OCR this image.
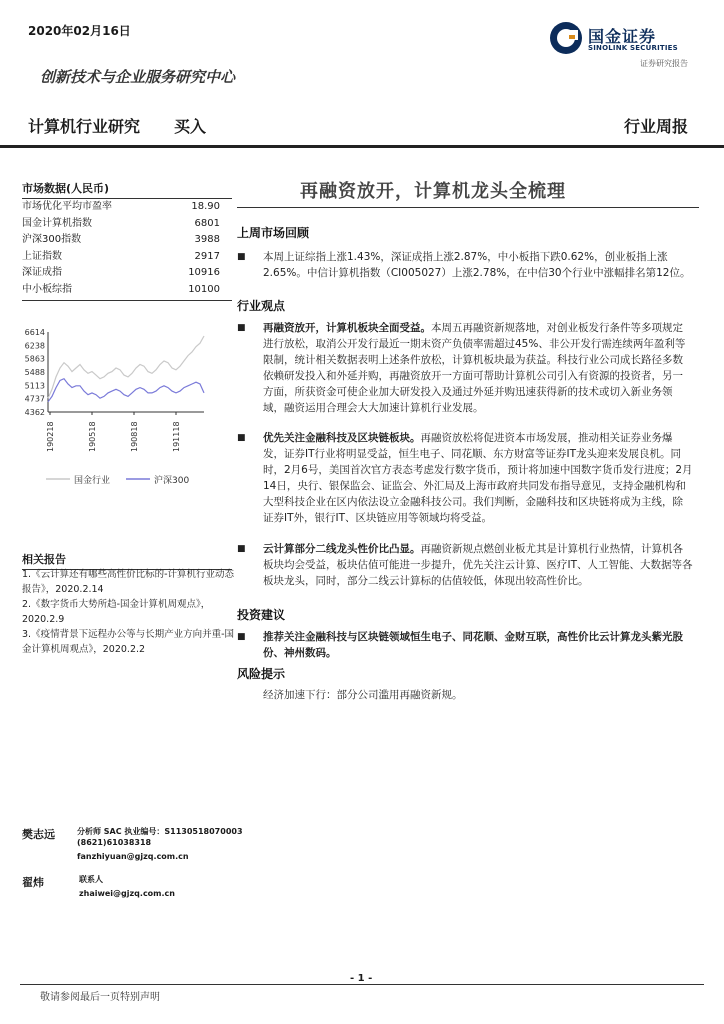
2020年02月16日	国金证券
SINOLINK SECURITIES
证券研究报告
创新技术与企业服务研究中心
计算机行业研究 买入	行业周报
市场数据(人民币)
市场优化平均市盈率	18.90
国金计算机指数	6801
沪深300指数	3988
上证指数	2917
深证成指	10916
中小板综指	10100
6614
6238
5863
5488
5113
4737
4362
190218	190518	190818	191118
国金行业	沪深300
相关报告

1.《云计算还有哪些高性价比标的-计算机行业动态报告》，2020.2.14

2.《数字货币大势所趋-国金计算机周观点》，2020.2.9

3.《疫情背景下远程办公等与长期产业方向并重-国金计算机周观点》，2020.2.2

再融资放开，计算机龙头全梳理
上周市场回顾
■ 本周上证综指上涨1.43%，深证成指上涨2.87%，中小板指下跌0.62%，创业板指上涨2.65%。中信计算机指数（CI005027）上涨2.78%，在中信30个行业中涨幅排名第12位。
行业观点
■ 再融资放开，计算机板块全面受益。本周五再融资新规落地，对创业板发行条件等多项规定进行放松，取消公开发行最近一期末资产负债率需超过45%、非公开发行需连续两年盈利等限制，统计相关数据表明上述条件放松，计算机板块最为获益。科技行业公司成长路径多数依赖研发投入和外延并购，再融资放开一方面可帮助计算机公司引入有资源的投资者，另一方面，所获资金可使企业加大研发投入及通过外延并购迅速获得新的技术或切入新业务领域，融资运用合理会大大加速计算机行业发展。
■ 优先关注金融科技及区块链板块。再融资放松将促进资本市场发展，推动相关证券业务爆发，证券IT行业将明显受益，恒生电子、同花顺、东方财富等证券IT龙头迎来发展良机。同时，2月6号，美国首次官方表态考虑发行数字货币，预计将加速中国数字货币发行进度；2月14日，央行、银保监会、证监会、外汇局及上海市政府共同发布指导意见，支持金融机构和大型科技企业在区内依法设立金融科技公司。我们判断，金融科技和区块链将成为主线，除证券IT外，银行IT、区块链应用等领域均将受益。
■ 云计算部分二线龙头性价比凸显。再融资新规点燃创业板尤其是计算机行业热情，计算机各板块均会受益，板块估值可能进一步提升，优先关注云计算、医疗IT、人工智能、大数据等各板块龙头，同时，部分二线云计算标的估值较低，体现出较高性价比。
投资建议
■ 推荐关注金融科技与区块链领域恒生电子、同花顺、金财互联，高性价比云计算龙头紫光股份、神州数码。
风险提示
经济加速下行：部分公司滥用再融资新规。
樊志远	分析师 SAC 执业编号：S1130518070003
(8621)61038318
fanzhiyuan@gjzq.com.cn
翟炜	联系人
zhaiwei@gjzq.com.cn
- 1 -
敬请参阅最后一页特别声明
